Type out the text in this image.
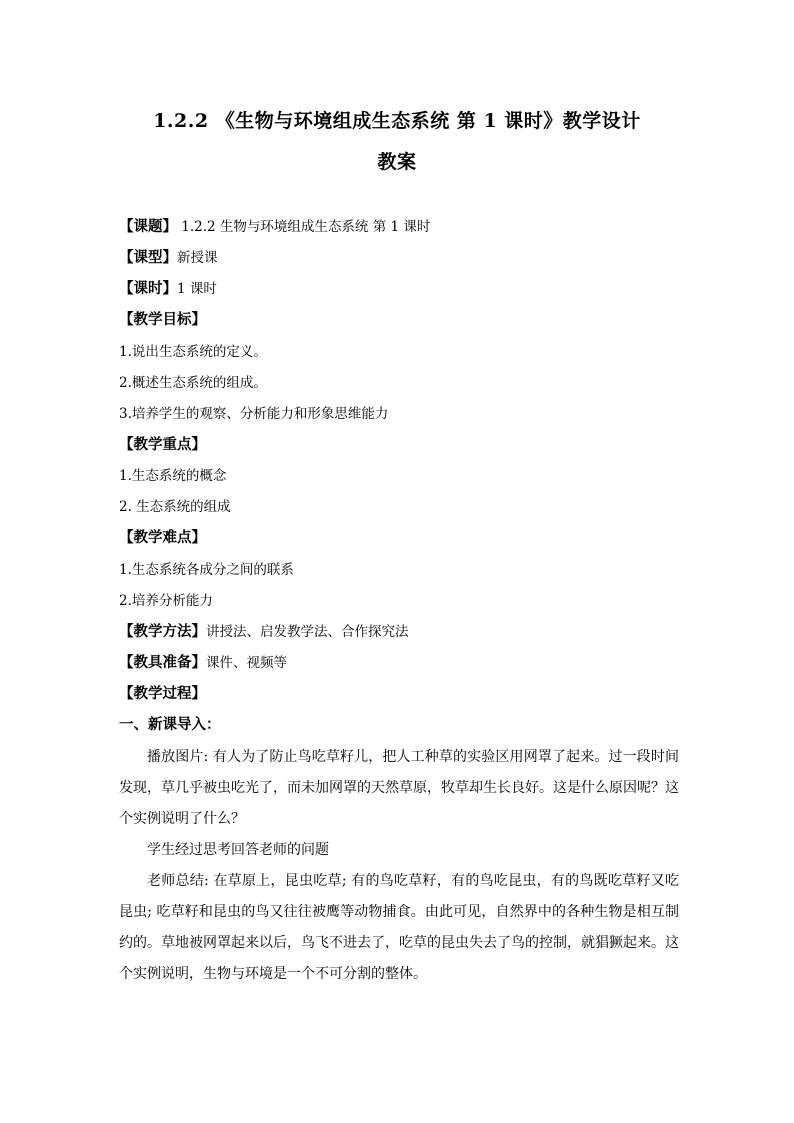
1.2.2 《生物与环境组成生态系统 第 1 课时》教学设计
教案
【课题】 1.2.2 生物与环境组成生态系统 第 1 课时
【课型】新授课
【课时】1 课时
【教学目标】
1.说出生态系统的定义。
2.概述生态系统的组成。
3.培养学生的观察、分析能力和形象思维能力
【教学重点】
1.生态系统的概念
2. 生态系统的组成
【教学难点】
1.生态系统各成分之间的联系
2.培养分析能力
【教学方法】讲授法、启发教学法、合作探究法
【教具准备】课件、视频等
【教学过程】
一、新课导入：
播放图片: 有人为了防止鸟吃草籽儿，把人工种草的实验区用网罩了起来。过一段时间发现，草几乎被虫吃光了，而未加网罩的天然草原，牧草却生长良好。这是什么原因呢？这个实例说明了什么？
学生经过思考回答老师的问题
老师总结: 在草原上，昆虫吃草; 有的鸟吃草籽，有的鸟吃昆虫，有的鸟既吃草籽又吃昆虫; 吃草籽和昆虫的鸟又往往被鹰等动物捕食。由此可见，自然界中的各种生物是相互制约的。草地被网罩起来以后，鸟飞不进去了，吃草的昆虫失去了鸟的控制，就猖獗起来。这个实例说明，生物与环境是一个不可分割的整体。
